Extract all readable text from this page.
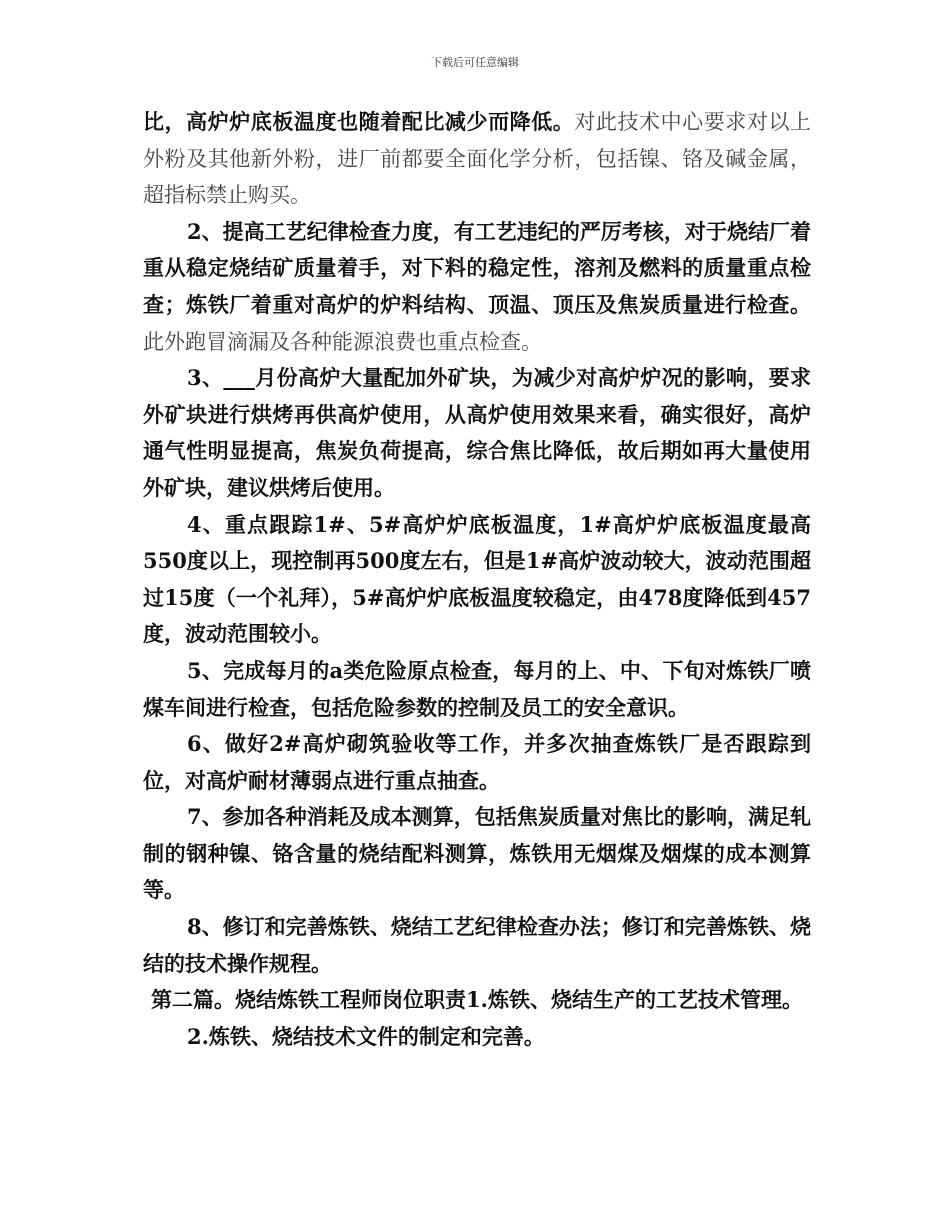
下载后可任意编辑

比，高炉炉底板温度也随着配比减少而降低。对此技术中心要求对以上外粉及其他新外粉，进厂前都要全面化学分析，包括镍、铬及碱金属，超指标禁止购买。

2、提高工艺纪律检查力度，有工艺违纪的严厉考核，对于烧结厂着重从稳定烧结矿质量着手，对下料的稳定性，溶剂及燃料的质量重点检查；炼铁厂着重对高炉的炉料结构、顶温、顶压及焦炭质量进行检查。此外跑冒滴漏及各种能源浪费也重点检查。

3、___月份高炉大量配加外矿块，为减少对高炉炉况的影响，要求外矿块进行烘烤再供高炉使用，从高炉使用效果来看，确实很好，高炉通气性明显提高，焦炭负荷提高，综合焦比降低，故后期如再大量使用外矿块，建议烘烤后使用。

4、重点跟踪1#、5#高炉炉底板温度，1#高炉炉底板温度最高550度以上，现控制再500度左右，但是1#高炉波动较大，波动范围超过15度（一个礼拜），5#高炉炉底板温度较稳定，由478度降低到457度，波动范围较小。

5、完成每月的a类危险原点检查，每月的上、中、下旬对炼铁厂喷煤车间进行检查，包括危险参数的控制及员工的安全意识。

6、做好2#高炉砌筑验收等工作，并多次抽查炼铁厂是否跟踪到位，对高炉耐材薄弱点进行重点抽查。

7、参加各种消耗及成本测算，包括焦炭质量对焦比的影响，满足轧制的钢种镍、铬含量的烧结配料测算，炼铁用无烟煤及烟煤的成本测算等。

8、修订和完善炼铁、烧结工艺纪律检查办法；修订和完善炼铁、烧结的技术操作规程。

第二篇。烧结炼铁工程师岗位职责1.炼铁、烧结生产的工艺技术管理。

2.炼铁、烧结技术文件的制定和完善。
